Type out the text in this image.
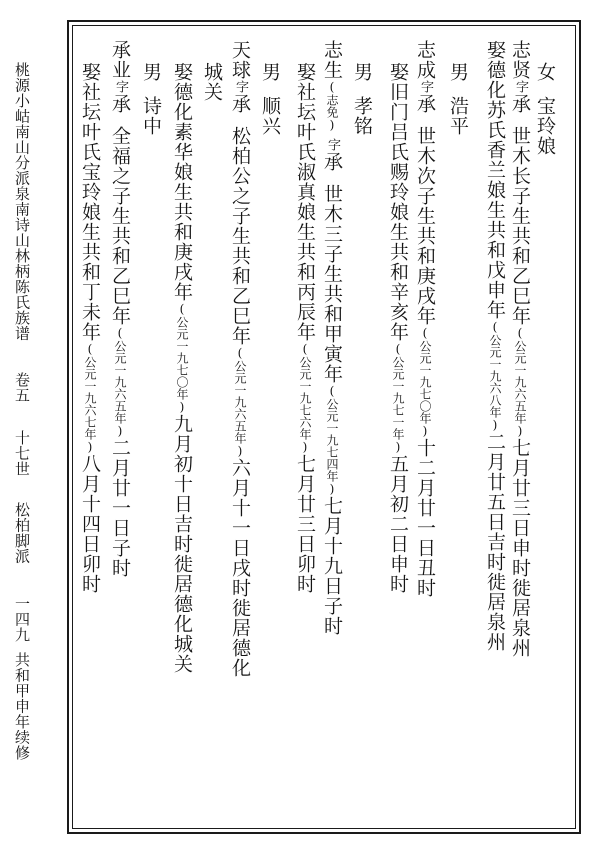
桃源小岵南山分派泉南诗山林柄陈氏族谱
卷五
十七世
松柏脚派
一四九
共和甲申年续修
女宝玲娘
志贤字承世木长子生共和乙巳年(公元一九六五年)七月廿三日申时徙居泉州
娶德化苏氏香兰娘生共和戊申年(公元一九六八年)二月廿五日吉时徙居泉州
男浩平
志成字承世木次子生共和庚戌年(公元一九七〇年)十二月廿一日丑时
娶旧门吕氏赐玲娘生共和辛亥年(公元一九七一年)五月初二日申时
男孝铭
志生(志免)字承世木三子生共和甲寅年(公元一九七四年)七月十九日子时
娶社坛叶氏淑真娘生共和丙辰年(公元一九七六年)七月廿三日卯时
男顺兴
天球字承松柏公之子生共和乙巳年(公元一九六五年)六月十一日戌时徙居德化
城关
娶德化素华娘生共和庚戌年(公元一九七〇年)九月初十日吉时徙居德化城关
男诗中
承业字承全福之子生共和乙巳年(公元一九六五年)二月廿一日子时
娶社坛叶氏宝玲娘生共和丁未年(公元一九六七年)八月十四日卯时
